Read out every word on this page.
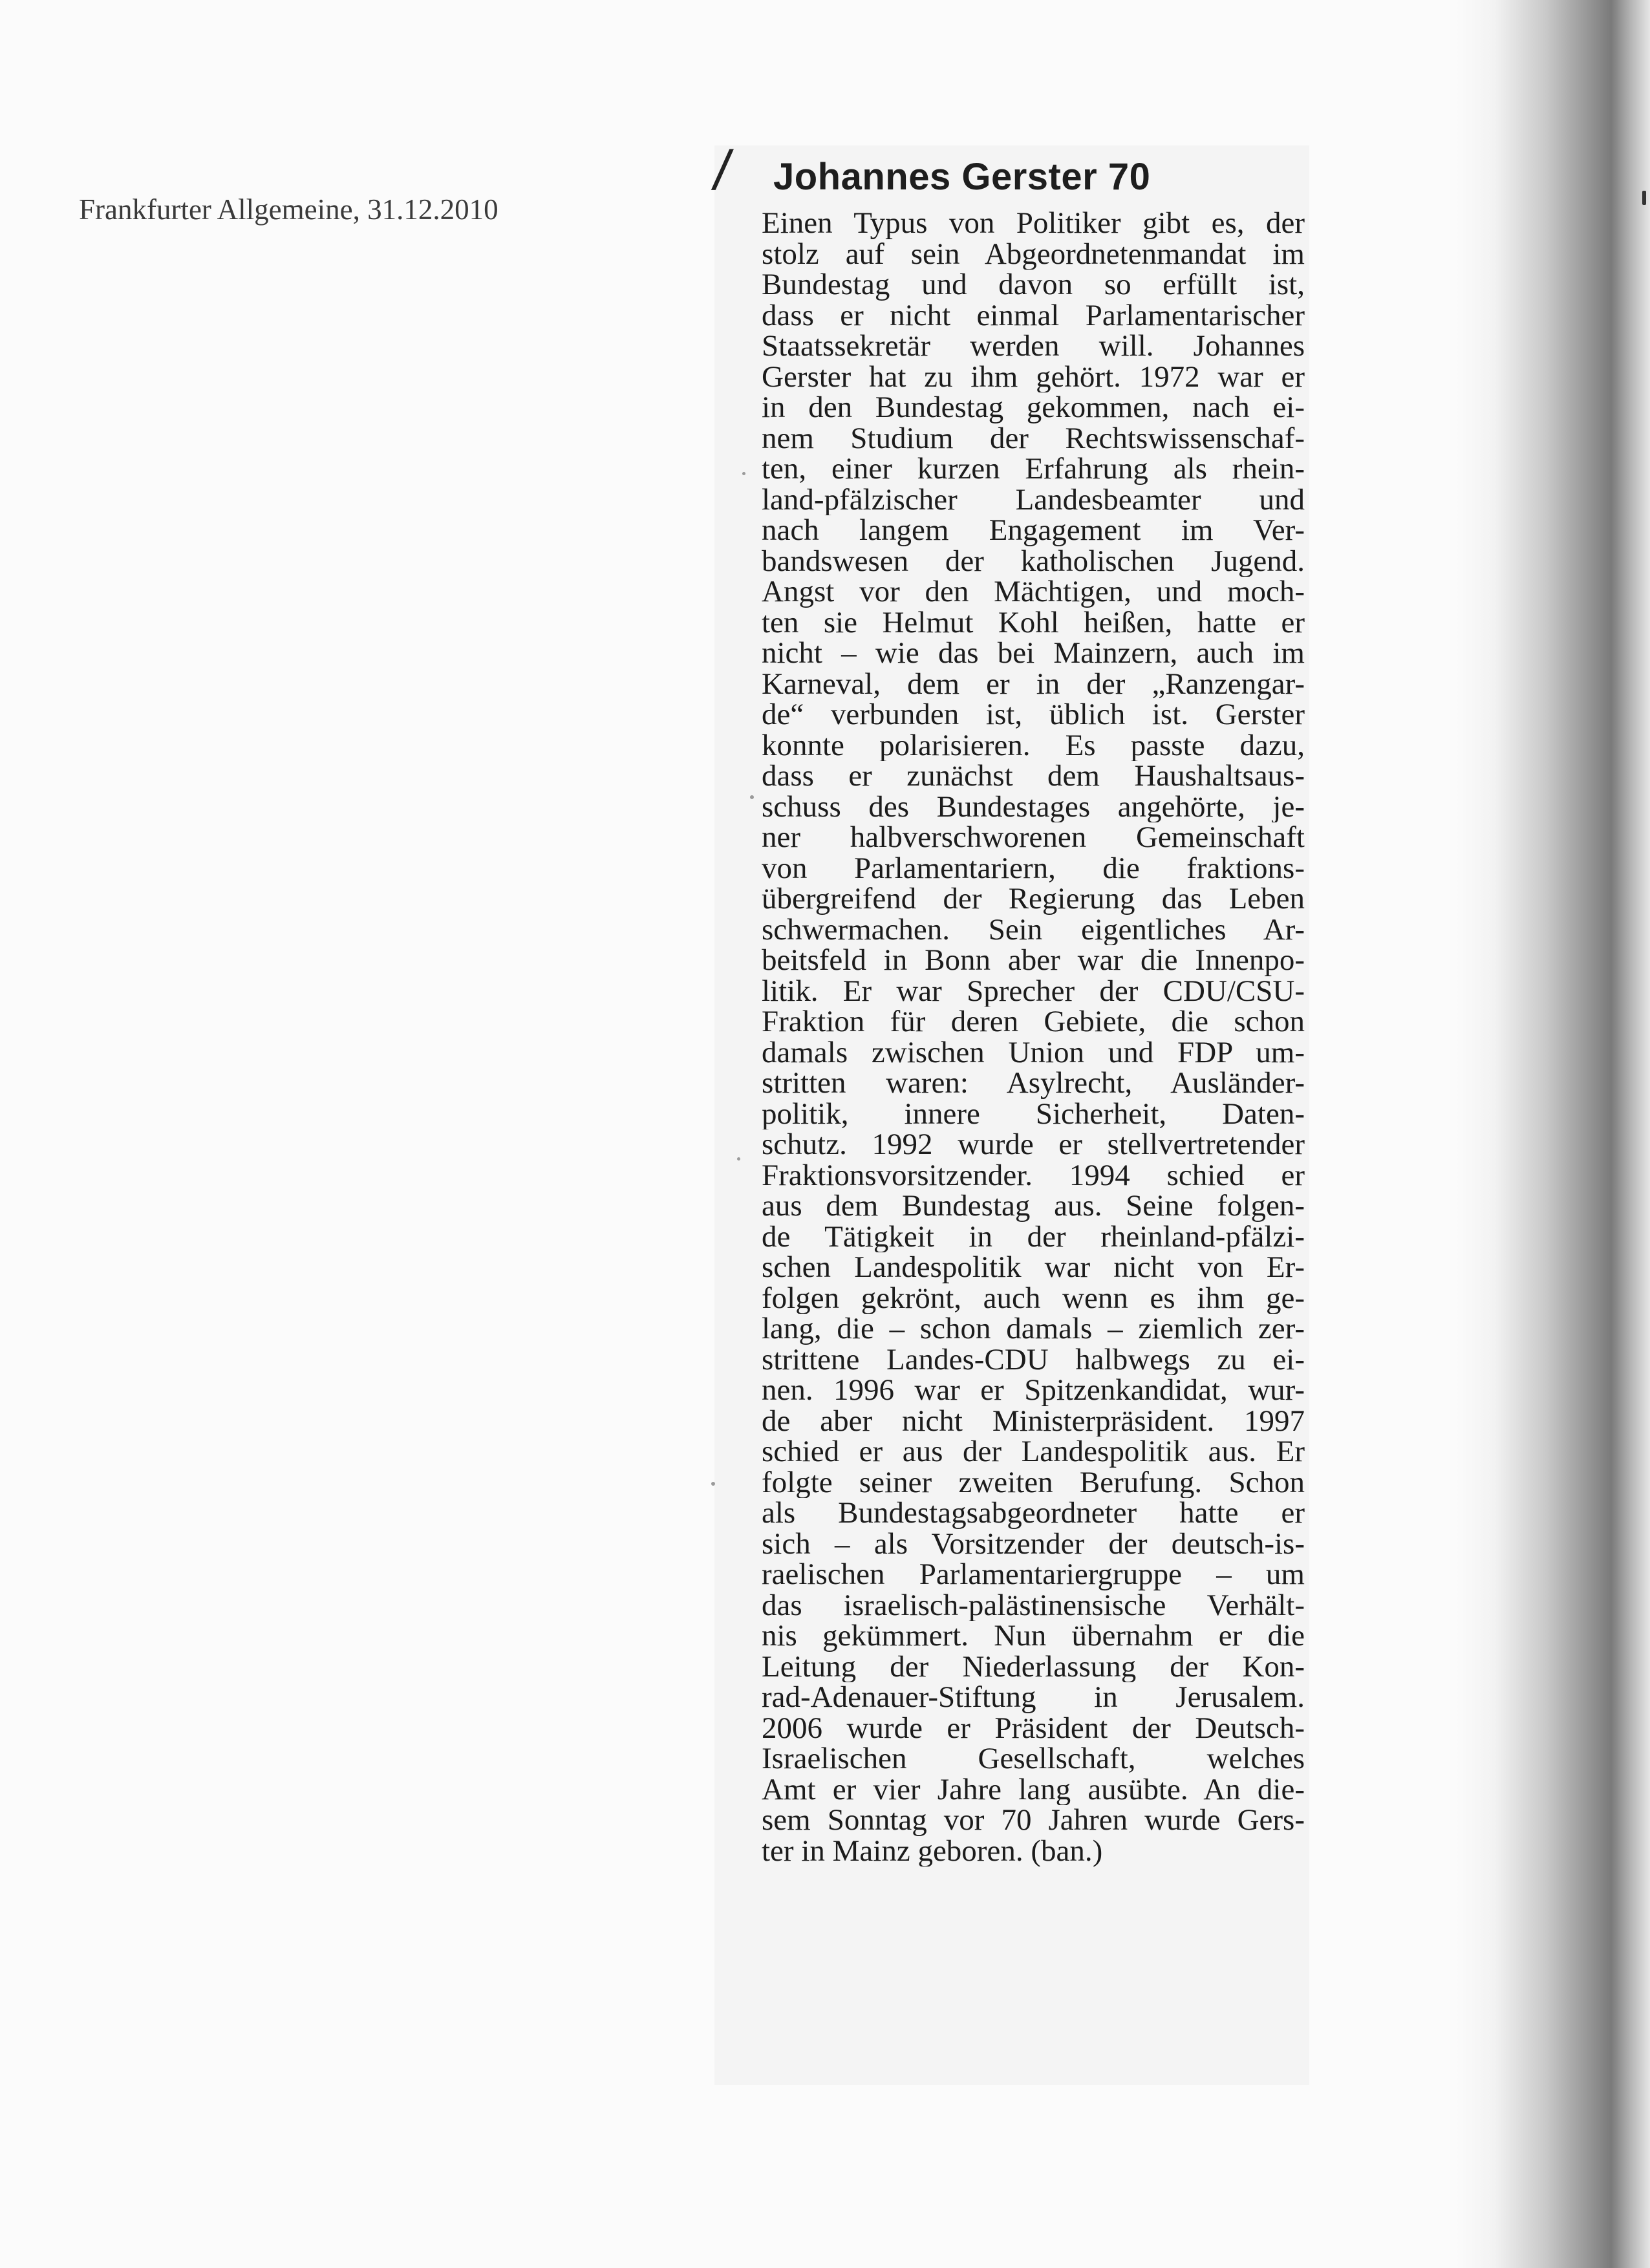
Frankfurter Allgemeine, 31.12.2010
/ Johannes Gerster 70
Einen Typus von Politiker gibt es, der
stolz auf sein Abgeordnetenmandat im
Bundestag und davon so erfüllt ist,
dass er nicht einmal Parlamentarischer
Staatssekretär werden will. Johannes
Gerster hat zu ihm gehört. 1972 war er
in den Bundestag gekommen, nach ei-
nem Studium der Rechtswissenschaf-
ten, einer kurzen Erfahrung als rhein-
land-pfälzischer Landesbeamter und
nach langem Engagement im Ver-
bandswesen der katholischen Jugend.
Angst vor den Mächtigen, und moch-
ten sie Helmut Kohl heißen, hatte er
nicht – wie das bei Mainzern, auch im
Karneval, dem er in der „Ranzengar-
de“ verbunden ist, üblich ist. Gerster
konnte polarisieren. Es passte dazu,
dass er zunächst dem Haushaltsaus-
schuss des Bundestages angehörte, je-
ner halbverschworenen Gemeinschaft
von Parlamentariern, die fraktions-
übergreifend der Regierung das Leben
schwermachen. Sein eigentliches Ar-
beitsfeld in Bonn aber war die Innenpo-
litik. Er war Sprecher der CDU/CSU-
Fraktion für deren Gebiete, die schon
damals zwischen Union und FDP um-
stritten waren: Asylrecht, Ausländer-
politik, innere Sicherheit, Daten-
schutz. 1992 wurde er stellvertretender
Fraktionsvorsitzender. 1994 schied er
aus dem Bundestag aus. Seine folgen-
de Tätigkeit in der rheinland-pfälzi-
schen Landespolitik war nicht von Er-
folgen gekrönt, auch wenn es ihm ge-
lang, die – schon damals – ziemlich zer-
strittene Landes-CDU halbwegs zu ei-
nen. 1996 war er Spitzenkandidat, wur-
de aber nicht Ministerpräsident. 1997
schied er aus der Landespolitik aus. Er
folgte seiner zweiten Berufung. Schon
als Bundestagsabgeordneter hatte er
sich – als Vorsitzender der deutsch-is-
raelischen Parlamentariergruppe – um
das israelisch-palästinensische Verhält-
nis gekümmert. Nun übernahm er die
Leitung der Niederlassung der Kon-
rad-Adenauer-Stiftung in Jerusalem.
2006 wurde er Präsident der Deutsch-
Israelischen Gesellschaft, welches
Amt er vier Jahre lang ausübte. An die-
sem Sonntag vor 70 Jahren wurde Gers-
ter in Mainz geboren. (ban.)
